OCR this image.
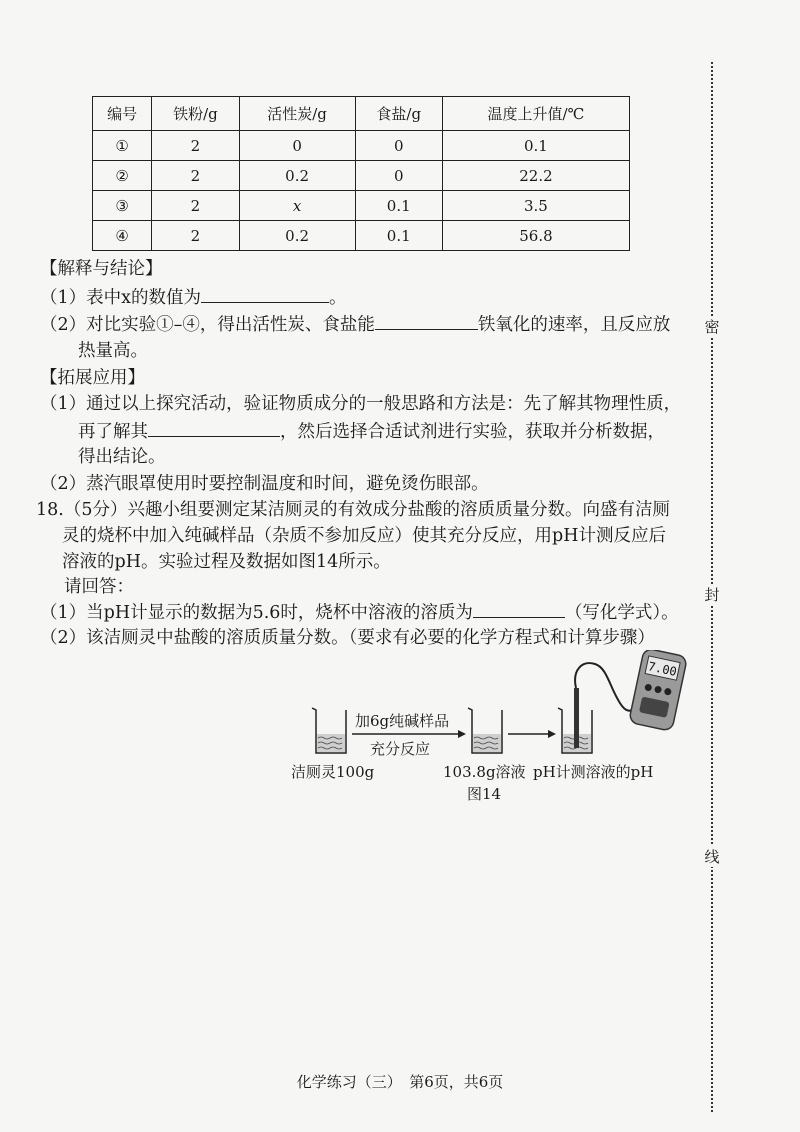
编号	铁粉/g	活性炭/g	食盐/g	温度上升值/℃
①	2	0	0	0.1
②	2	0.2	0	22.2
③	2	x	0.1	3.5
④	2	0.2	0.1	56.8
【解释与结论】
（1）表中x的数值为	。
（2）对比实验①–④，得出活性炭、食盐能	铁氧化的速率，且反应放
热量高。
【拓展应用】
（1）通过以上探究活动，验证物质成分的一般思路和方法是：先了解其物理性质，
再了解其	，然后选择合适试剂进行实验，获取并分析数据，
得出结论。
（2）蒸汽眼罩使用时要控制温度和时间，避免烫伤眼部。
18.（5分）兴趣小组要测定某洁厕灵的有效成分盐酸的溶质质量分数。向盛有洁厕
灵的烧杯中加入纯碱样品（杂质不参加反应）使其充分反应，用pH计测反应后
溶液的pH。实验过程及数据如图14所示。
请回答：
（1）当pH计显示的数据为5.6时，烧杯中溶液的溶质为	（写化学式）。
（2）该洁厕灵中盐酸的溶质质量分数。（要求有必要的化学方程式和计算步骤）
7.00
加6g纯碱样品
充分反应
洁厕灵100g	103.8g溶液 pH计测溶液的pH
图14
密
封
线
化学练习（三）　第6页，共6页
